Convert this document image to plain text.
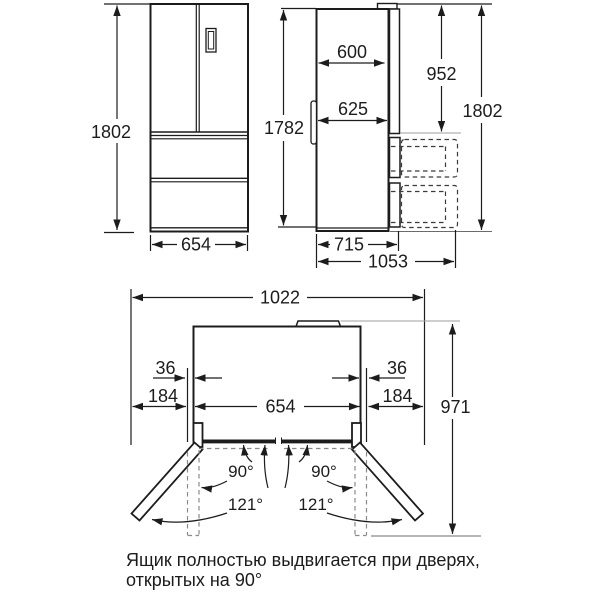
1802
654
1782
600
625
952
1802
715
1053
1022
90°	90°
121° 121°
36	36
184
654
184
971
Ящик полностью выдвигается при дверях,
открытых на 90°
